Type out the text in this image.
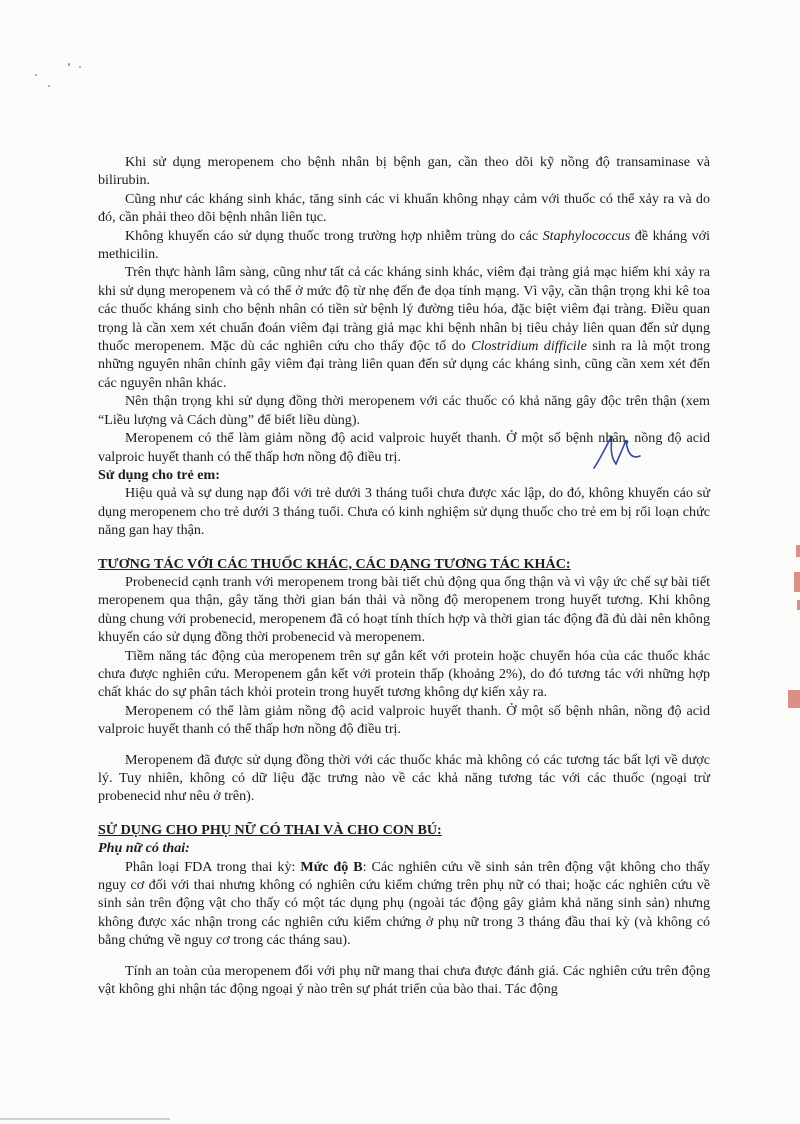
Khi sử dụng meropenem cho bệnh nhân bị bệnh gan, cần theo dõi kỹ nồng độ transaminase và bilirubin.

Cũng như các kháng sinh khác, tăng sinh các vi khuẩn không nhạy cảm với thuốc có thể xảy ra và do đó, cần phải theo dõi bệnh nhân liên tục.

Không khuyến cáo sử dụng thuốc trong trường hợp nhiễm trùng do các Staphylococcus đề kháng với methicilin.

Trên thực hành lâm sàng, cũng như tất cả các kháng sinh khác, viêm đại tràng giả mạc hiếm khi xảy ra khi sử dụng meropenem và có thể ở mức độ từ nhẹ đến đe dọa tính mạng. Vì vậy, cần thận trọng khi kê toa các thuốc kháng sinh cho bệnh nhân có tiền sử bệnh lý đường tiêu hóa, đặc biệt viêm đại tràng. Điều quan trọng là cần xem xét chuẩn đoán viêm đại tràng giả mạc khi bệnh nhân bị tiêu chảy liên quan đến sử dụng thuốc meropenem. Mặc dù các nghiên cứu cho thấy độc tố do Clostridium difficile sinh ra là một trong những nguyên nhân chính gây viêm đại tràng liên quan đến sử dụng các kháng sinh, cũng cần xem xét đến các nguyên nhân khác.

Nên thận trọng khi sử dụng đồng thời meropenem với các thuốc có khả năng gây độc trên thận (xem “Liều lượng và Cách dùng” để biết liều dùng).

Meropenem có thể làm giảm nồng độ acid valproic huyết thanh. Ở một số bệnh nhân, nồng độ acid valproic huyết thanh có thể thấp hơn nồng độ điều trị.

Sử dụng cho trẻ em:

Hiệu quả và sự dung nạp đối với trẻ dưới 3 tháng tuổi chưa được xác lập, do đó, không khuyến cáo sử dụng meropenem cho trẻ dưới 3 tháng tuổi. Chưa có kinh nghiệm sử dụng thuốc cho trẻ em bị rối loạn chức năng gan hay thận.

TƯƠNG TÁC VỚI CÁC THUỐC KHÁC, CÁC DẠNG TƯƠNG TÁC KHÁC:

Probenecid cạnh tranh với meropenem trong bài tiết chủ động qua ống thận và vì vậy ức chế sự bài tiết meropenem qua thận, gây tăng thời gian bán thải và nồng độ meropenem trong huyết tương. Khi không dùng chung với probenecid, meropenem đã có hoạt tính thích hợp và thời gian tác động đã đủ dài nên không khuyến cáo sử dụng đồng thời probenecid và meropenem.

Tiềm năng tác động của meropenem trên sự gắn kết với protein hoặc chuyển hóa của các thuốc khác chưa được nghiên cứu. Meropenem gắn kết với protein thấp (khoảng 2%), do đó tương tác với những hợp chất khác do sự phân tách khỏi protein trong huyết tương không dự kiến xảy ra.

Meropenem có thể làm giảm nồng độ acid valproic huyết thanh. Ở một số bệnh nhân, nồng độ acid valproic huyết thanh có thể thấp hơn nồng độ điều trị.

Meropenem đã được sử dụng đồng thời với các thuốc khác mà không có các tương tác bất lợi về dược lý. Tuy nhiên, không có dữ liệu đặc trưng nào về các khả năng tương tác với các thuốc (ngoại trừ probenecid như nêu ở trên).

SỬ DỤNG CHO PHỤ NỮ CÓ THAI VÀ CHO CON BÚ:

Phụ nữ có thai:

Phân loại FDA trong thai kỳ: Mức độ B: Các nghiên cứu về sinh sản trên động vật không cho thấy nguy cơ đối với thai nhưng không có nghiên cứu kiểm chứng trên phụ nữ có thai; hoặc các nghiên cứu về sinh sản trên động vật cho thấy có một tác dụng phụ (ngoài tác động gây giảm khả năng sinh sản) nhưng không được xác nhận trong các nghiên cứu kiểm chứng ở phụ nữ trong 3 tháng đầu thai kỳ (và không có bằng chứng về nguy cơ trong các tháng sau).

Tính an toàn của meropenem đối với phụ nữ mang thai chưa được đánh giá. Các nghiên cứu trên động vật không ghi nhận tác động ngoại ý nào trên sự phát triển của bào thai. Tác động
